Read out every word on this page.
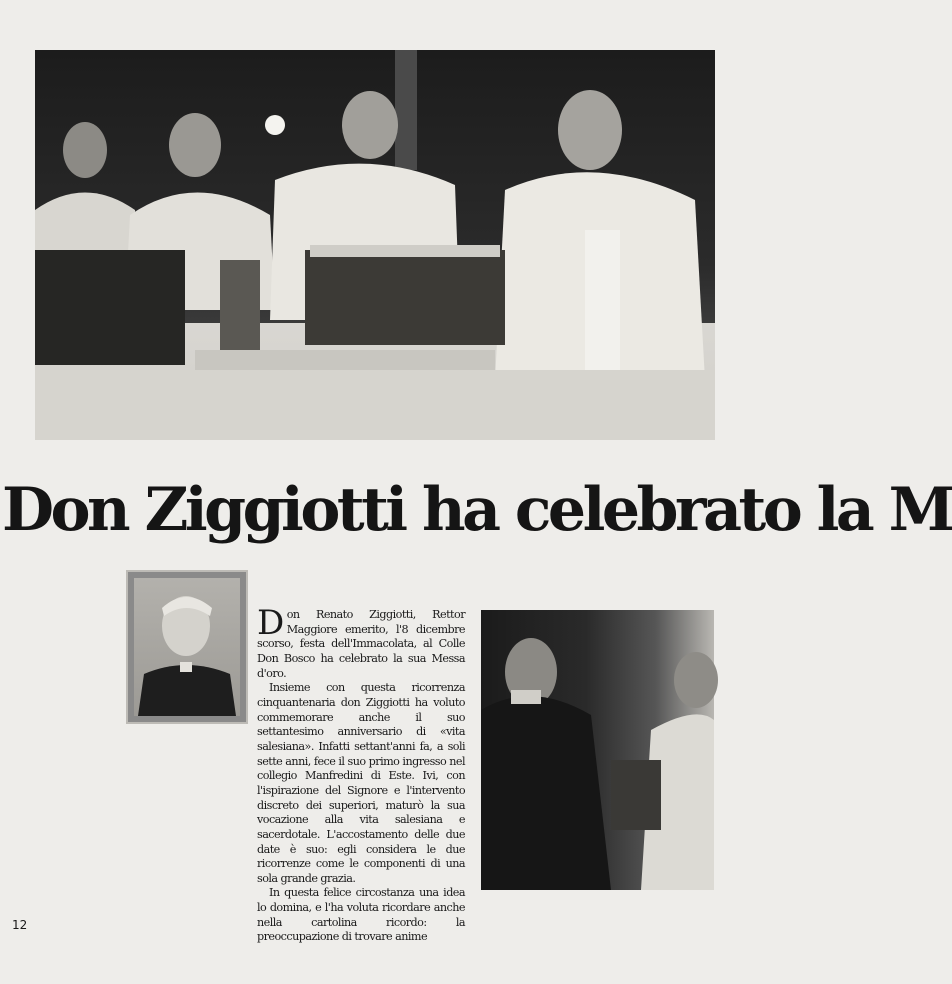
Don Ziggiotti ha celebrato la M

Don Renato Ziggiotti, Rettor Maggiore emerito, l'8 dicembre scorso, festa dell'Immacolata, al Colle Don Bosco ha celebrato la sua Messa d'oro.

Insieme con questa ricorrenza cinquantenaria don Ziggiotti ha voluto commemorare anche il suo settantesimo anniversario di «vita salesiana». Infatti settant'anni fa, a soli sette anni, fece il suo primo ingresso nel collegio Manfredini di Este. Ivi, con l'ispirazione del Signore e l'intervento discreto dei superiori, maturò la sua vocazione alla vita salesiana e sacerdotale. L'accostamento delle due date è suo: egli considera le due ricorrenze come le componenti di una sola grande grazia.

In questa felice circostanza una idea lo domina, e l'ha voluta ricordare anche nella cartolina ricordo: la preoccupazione di trovare anime

12
